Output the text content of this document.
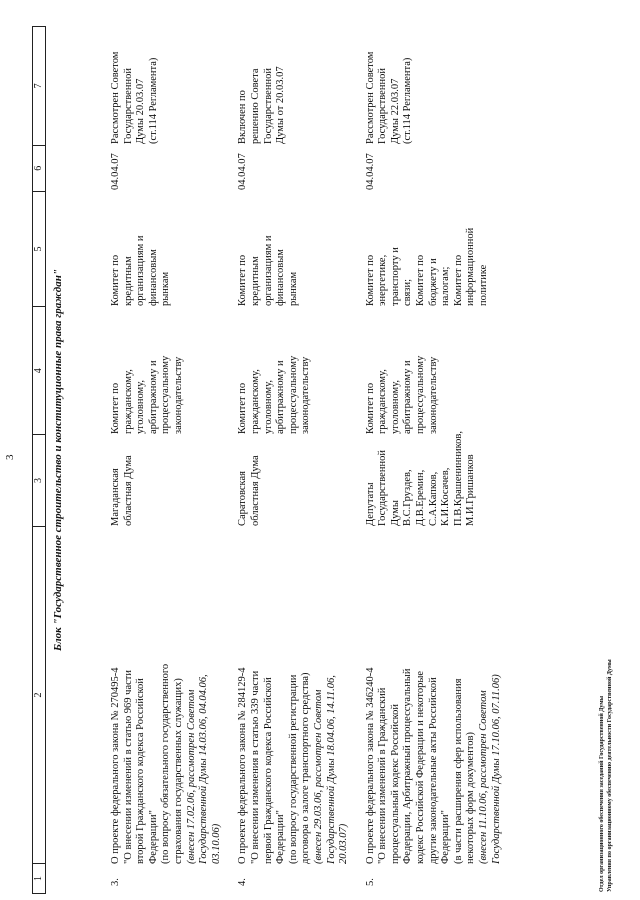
3
1
2
3
4
5
6
7
Блок "Государственное строительство и конституционные права граждан"
3.
О проекте федерального закона № 270495-4
"О внесении изменений в статью 969 части
второй Гражданского кодекса Российской
Федерации"
(по вопросу обязательного государственного
страхования государственных служащих)
(внесен 17.02.06, рассмотрен Советом
Государственной Думы 14.03.06, 04.04.06,
03.10.06)
Магаданская
областная Дума
Комитет по
гражданскому,
уголовному,
арбитражному и
процессуальному
законодательству
Комитет по
кредитным
организациям и
финансовым
рынкам
04.04.07
Рассмотрен Советом
Государственной
Думы 20.03.07
(ст.114 Регламента)
4.
О проекте федерального закона № 284129-4
"О внесении изменения в статью 339 части
первой Гражданского кодекса Российской
Федерации"
(по вопросу государственной регистрации
договора о залоге транспортного средства)
(внесен 29.03.06, рассмотрен Советом
Государственной Думы 18.04.06, 14.11.06,
20.03.07)
Саратовская
областная Дума
Комитет по
гражданскому,
уголовному,
арбитражному и
процессуальному
законодательству
Комитет по
кредитным
организациям и
финансовым
рынкам
04.04.07
Включен по
решению Совета
Государственной
Думы от 20.03.07
5.
О проекте федерального закона № 346240-4
"О внесении изменений в Гражданский
процессуальный кодекс Российской
Федерации, Арбитражный процессуальный
кодекс Российской Федерации и некоторые
другие законодательные акты Российской
Федерации"
(в части расширения сфер использования
некоторых форм документов)
(внесен 11.10.06, рассмотрен Советом
Государственной Думы 17.10.06, 07.11.06)
Депутаты
Государственной
Думы
В.С.Груздев,
Д.В.Еремин,
С.А.Капков,
К.И.Косачев,
П.В.Крашенинников,
М.И.Гришанков
Комитет по
гражданскому,
уголовному,
арбитражному и
процессуальному
законодательству
Комитет по
энергетике,
транспорту и
связи;
Комитет по
бюджету и
налогам;
Комитет по
информационной
политике
04.04.07
Рассмотрен Советом
Государственной
Думы 22.03.07
(ст.114 Регламента)
Отдел организационного обеспечения заседаний Государственной Думы Управления по организационному обеспечению деятельности Государственной Думы
